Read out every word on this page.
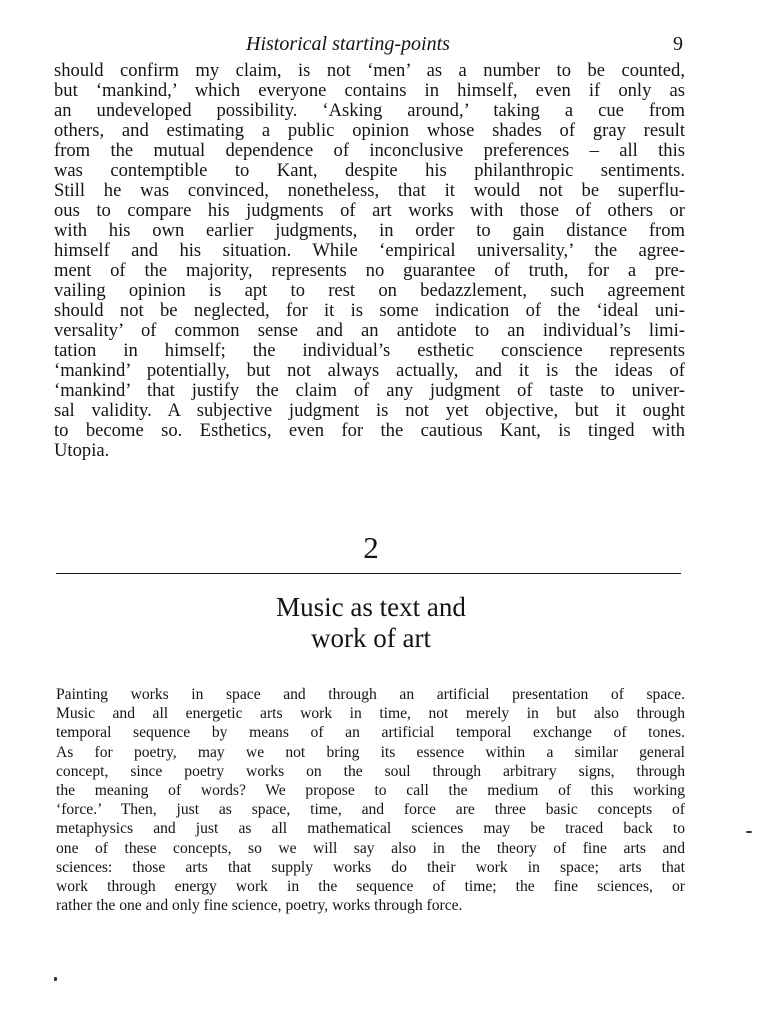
Historical starting-points	9
should confirm my claim, is not ‘men’ as a number to be counted,
but ‘mankind,’ which everyone contains in himself, even if only as
an undeveloped possibility. ‘Asking around,’ taking a cue from
others, and estimating a public opinion whose shades of gray result
from the mutual dependence of inconclusive preferences – all this
was contemptible to Kant, despite his philanthropic sentiments.
Still he was convinced, nonetheless, that it would not be superflu-
ous to compare his judgments of art works with those of others or
with his own earlier judgments, in order to gain distance from
himself and his situation. While ‘empirical universality,’ the agree-
ment of the majority, represents no guarantee of truth, for a pre-
vailing opinion is apt to rest on bedazzlement, such agreement
should not be neglected, for it is some indication of the ‘ideal uni-
versality’ of common sense and an antidote to an individual’s limi-
tation in himself; the individual’s esthetic conscience represents
‘mankind’ potentially, but not always actually, and it is the ideas of
‘mankind’ that justify the claim of any judgment of taste to univer-
sal validity. A subjective judgment is not yet objective, but it ought
to become so. Esthetics, even for the cautious Kant, is tinged with
Utopia.
2
Music as text and
work of art
Painting works in space and through an artificial presentation of space.
Music and all energetic arts work in time, not merely in but also through
temporal sequence by means of an artificial temporal exchange of tones.
As for poetry, may we not bring its essence within a similar general
concept, since poetry works on the soul through arbitrary signs, through
the meaning of words? We propose to call the medium of this working
‘force.’ Then, just as space, time, and force are three basic concepts of
metaphysics and just as all mathematical sciences may be traced back to
one of these concepts, so we will say also in the theory of fine arts and
sciences: those arts that supply works do their work in space; arts that
work through energy work in the sequence of time; the fine sciences, or
rather the one and only fine science, poetry, works through force.
